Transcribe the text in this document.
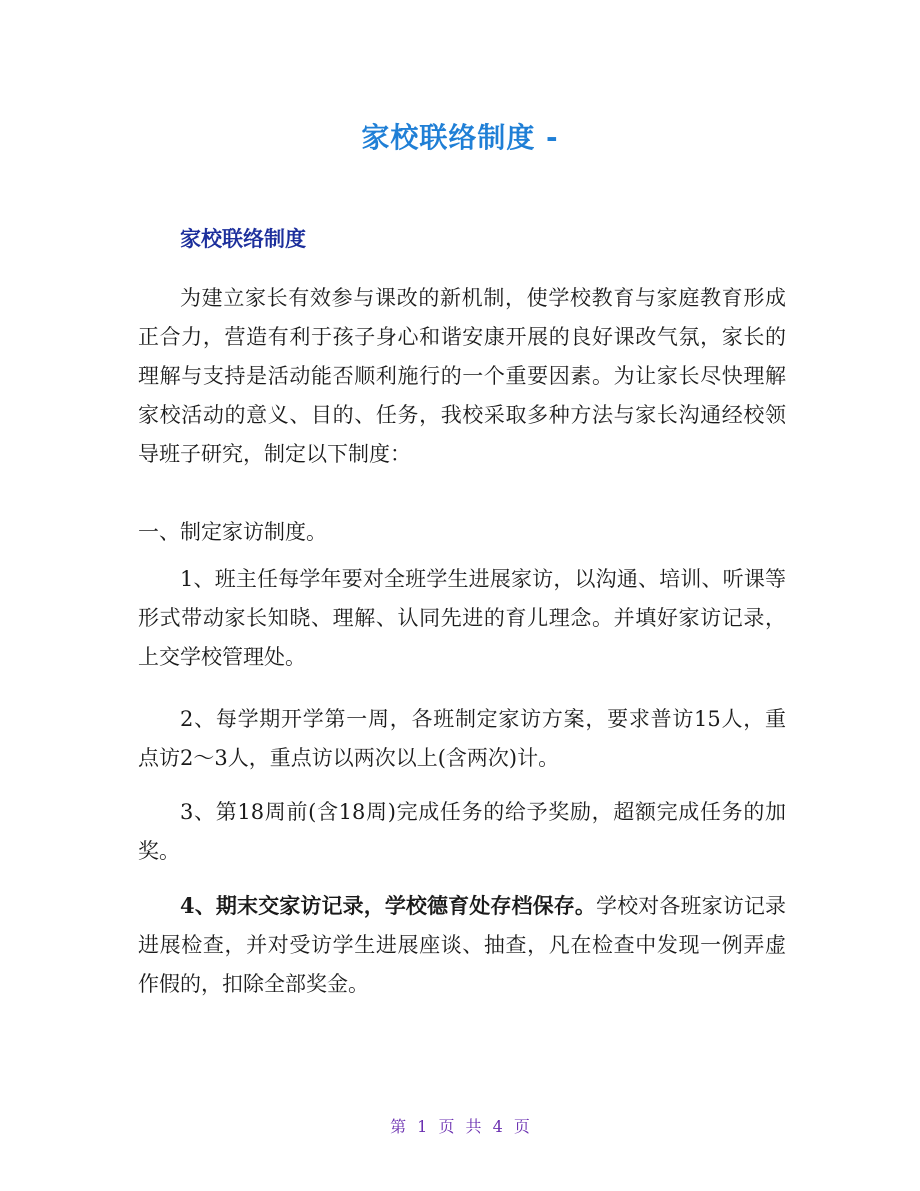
家校联络制度 -
家校联络制度

为建立家长有效参与课改的新机制，使学校教育与家庭教育形成正合力，营造有利于孩子身心和谐安康开展的良好课改气氛，家长的理解与支持是活动能否顺利施行的一个重要因素。为让家长尽快理解家校活动的意义、目的、任务，我校采取多种方法与家长沟通经校领导班子研究，制定以下制度：

一、制定家访制度。

1、班主任每学年要对全班学生进展家访，以沟通、培训、听课等形式带动家长知晓、理解、认同先进的育儿理念。并填好家访记录，上交学校管理处。

2、每学期开学第一周，各班制定家访方案，要求普访15人，重点访2～3人，重点访以两次以上(含两次)计。

3、第18周前(含18周)完成任务的给予奖励，超额完成任务的加奖。

4、期末交家访记录，学校德育处存档保存。学校对各班家访记录进展检查，并对受访学生进展座谈、抽查，凡在检查中发现一例弄虚作假的，扣除全部奖金。

第 1 页 共 4 页
